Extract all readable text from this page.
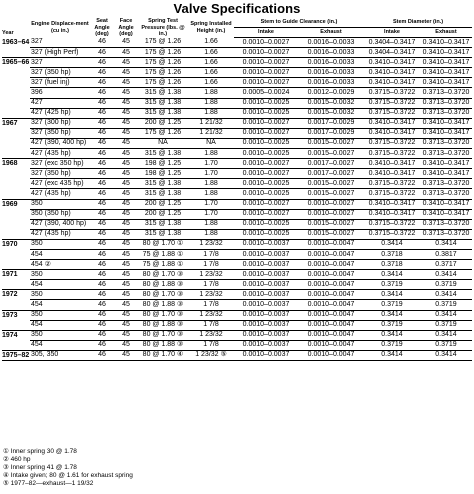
Valve Specifications
Year	Engine Displace-ment (cu in.)	Seat Angle (deg)	Face Angle (deg)	Spring Test Pressure (lbs. @ in.)	Spring Installed Height (in.)	Stem to Guide Clearance (in.)		Stem Diameter (in.)	
						Intake	Exhaust	Intake	Exhaust
1963–64	327	46	45	175 @ 1.26	1.66	0.0010–0.0027	0.0016–0.0033	0.3404–0.3417	0.3410–0.3417
	327 (High Perf)	46	45	175 @ 1.26	1.66	0.0010–0.0027	0.0016–0.0033	0.3404–0.3417	0.3410–0.3417
1965–66	327	46	45	175 @ 1.26	1.66	0.0010–0.0027	0.0016–0.0033	0.3410–0.3417	0.3410–0.3417
	327 (350 hp)	46	45	175 @ 1.26	1.66	0.0010–0.0027	0.0016–0.0033	0.3410–0.3417	0.3410–0.3417
	327 (fuel inj)	46	45	175 @ 1.26	1.66	0.0010–0.0027	0.0016–0.0033	0.3410–0.3417	0.3410–0.3417
	396	46	45	315 @ 1.38	1.88	0.0005–0.0024	0.0012–0.0029	0.3715–0.3722	0.3713–0.3720
	427	46	45	315 @ 1.38	1.88	0.0010–0.0025	0.0015–0.0032	0.3715–0.3722	0.3713–0.3720
	427 (425 hp)	46	45	315 @ 1.38	1.88	0.0010–0.0025	0.0015–0.0032	0.3715–0.3722	0.3713–0.3720
1967	327 (300 hp)	46	45	200 @ 1.25	1 21/32	0.0010–0.0027	0.0017–0.0029	0.3410–0.3417	0.3410–0.3417
	327 (350 hp)	46	45	175 @ 1.26	1 21/32	0.0010–0.0027	0.0017–0.0029	0.3410–0.3417	0.3410–0.3417
	427 (390, 400 hp)	46	45	NA	NA	0.0010–0.0025	0.0015–0.0027	0.3715–0.3722	0.3713–0.3720
	427 (435 hp)	46	45	315 @ 1.38	1.88	0.0010–0.0025	0.0015–0.0027	0.3715–0.3722	0.3713–0.3720
1968	327 (exc 350 hp)	46	45	198 @ 1.25	1.70	0.0010–0.0027	0.0017–0.0027	0.3410–0.3417	0.3410–0.3417
	327 (350 hp)	46	45	198 @ 1.25	1.70	0.0010–0.0027	0.0017–0.0027	0.3410–0.3417	0.3410–0.3417
	427 (exc 435 hp)	46	45	315 @ 1.38	1.88	0.0010–0.0025	0.0015–0.0027	0.3715–0.3722	0.3713–0.3720
	427 (435 hp)	46	45	315 @ 1.38	1.88	0.0010–0.0025	0.0015–0.0027	0.3715–0.3722	0.3713–0.3720
1969	350	46	45	200 @ 1.25	1.70	0.0010–0.0027	0.0010–0.0027	0.3410–0.3417	0.3410–0.3417
	350 (350 hp)	46	45	200 @ 1.25	1.70	0.0010–0.0027	0.0010–0.0027	0.3410–0.3417	0.3410–0.3417
	427 (390, 400 hp)	46	45	315 @ 1.38	1.88	0.0010–0.0025	0.0015–0.0027	0.3715–0.3722	0.3713–0.3720
	427 (435 hp)	46	45	315 @ 1.38	1.88	0.0010–0.0025	0.0015–0.0027	0.3715–0.3722	0.3713–0.3720
1970	350	46	45	80 @ 1.70 ①	1 23/32	0.0010–0.0037	0.0010–0.0047	0.3414	0.3414
	454	46	45	75 @ 1.88 ①	1 7/8	0.0010–0.0037	0.0010–0.0047	0.3718	0.3817
	454 ②	46	45	75 @ 1.88 ①	1 7/8	0.0010–0.0037	0.0010–0.0047	0.3718	0.3717
1971	350	46	45	80 @ 1.70 ③	1 23/32	0.0010–0.0037	0.0010–0.0047	0.3414	0.3414
	454	46	45	80 @ 1.88 ③	1 7/8	0.0010–0.0037	0.0010–0.0047	0.3719	0.3719
1972	350	46	45	80 @ 1.70 ③	1 23/32	0.0010–0.0037	0.0010–0.0047	0.3414	0.3414
	454	46	45	80 @ 1.88 ③	1 7/8	0.0010–0.0037	0.0010–0.0047	0.3719	0.3719
1973	350	46	45	80 @ 1.70 ③	1 23/32	0.0010–0.0037	0.0010–0.0047	0.3414	0.3414
	454	46	45	80 @ 1.88 ③	1 7/8	0.0010–0.0037	0.0010–0.0047	0.3719	0.3719
1974	350	46	45	80 @ 1.70 ③	1 23/32	0.0010–0.0037	0.0010–0.0047	0.3414	0.3414
	454	46	45	80 @ 1.88 ③	1 7/8	0.0010–0.0037	0.0010–0.0047	0.3719	0.3719
1975–82	305, 350	46	45	80 @ 1.70 ④	1 23/32 ⑤	0.0010–0.0037	0.0010–0.0047	0.3414	0.3414
① Inner spring 30 @ 1.78
② 460 hp
③ Inner spring 41 @ 1.78
④ Intake given; 80 @ 1.61 for exhaust spring
⑤ 1977–82—exhaust—1 19/32
